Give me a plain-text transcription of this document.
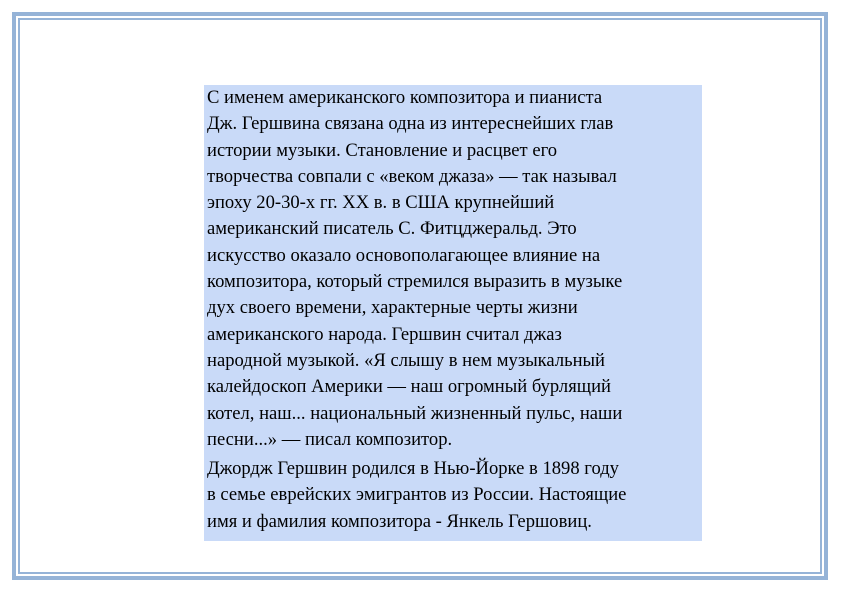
С именем американского композитора и пианиста
Дж. Гершвина связана одна из интереснейших глав
истории музыки. Становление и расцвет его
творчества совпали с «веком джаза» — так называл
эпоху 20-30-х гг. XX в. в США крупнейший
американский писатель С. Фитцджеральд. Это
искусство оказало основополагающее влияние на
композитора, который стремился выразить в музыке
дух своего времени, характерные черты жизни
американского народа. Гершвин считал джаз
народной музыкой. «Я слышу в нем музыкальный
калейдоскоп Америки — наш огромный бурлящий
котел, наш... национальный жизненный пульс, наши
песни...» — писал композитор.

Джордж Гершвин родился в Нью-Йорке в 1898 году
в семье еврейских эмигрантов из России. Настоящие
имя и фамилия композитора - Янкель Гершовиц.
